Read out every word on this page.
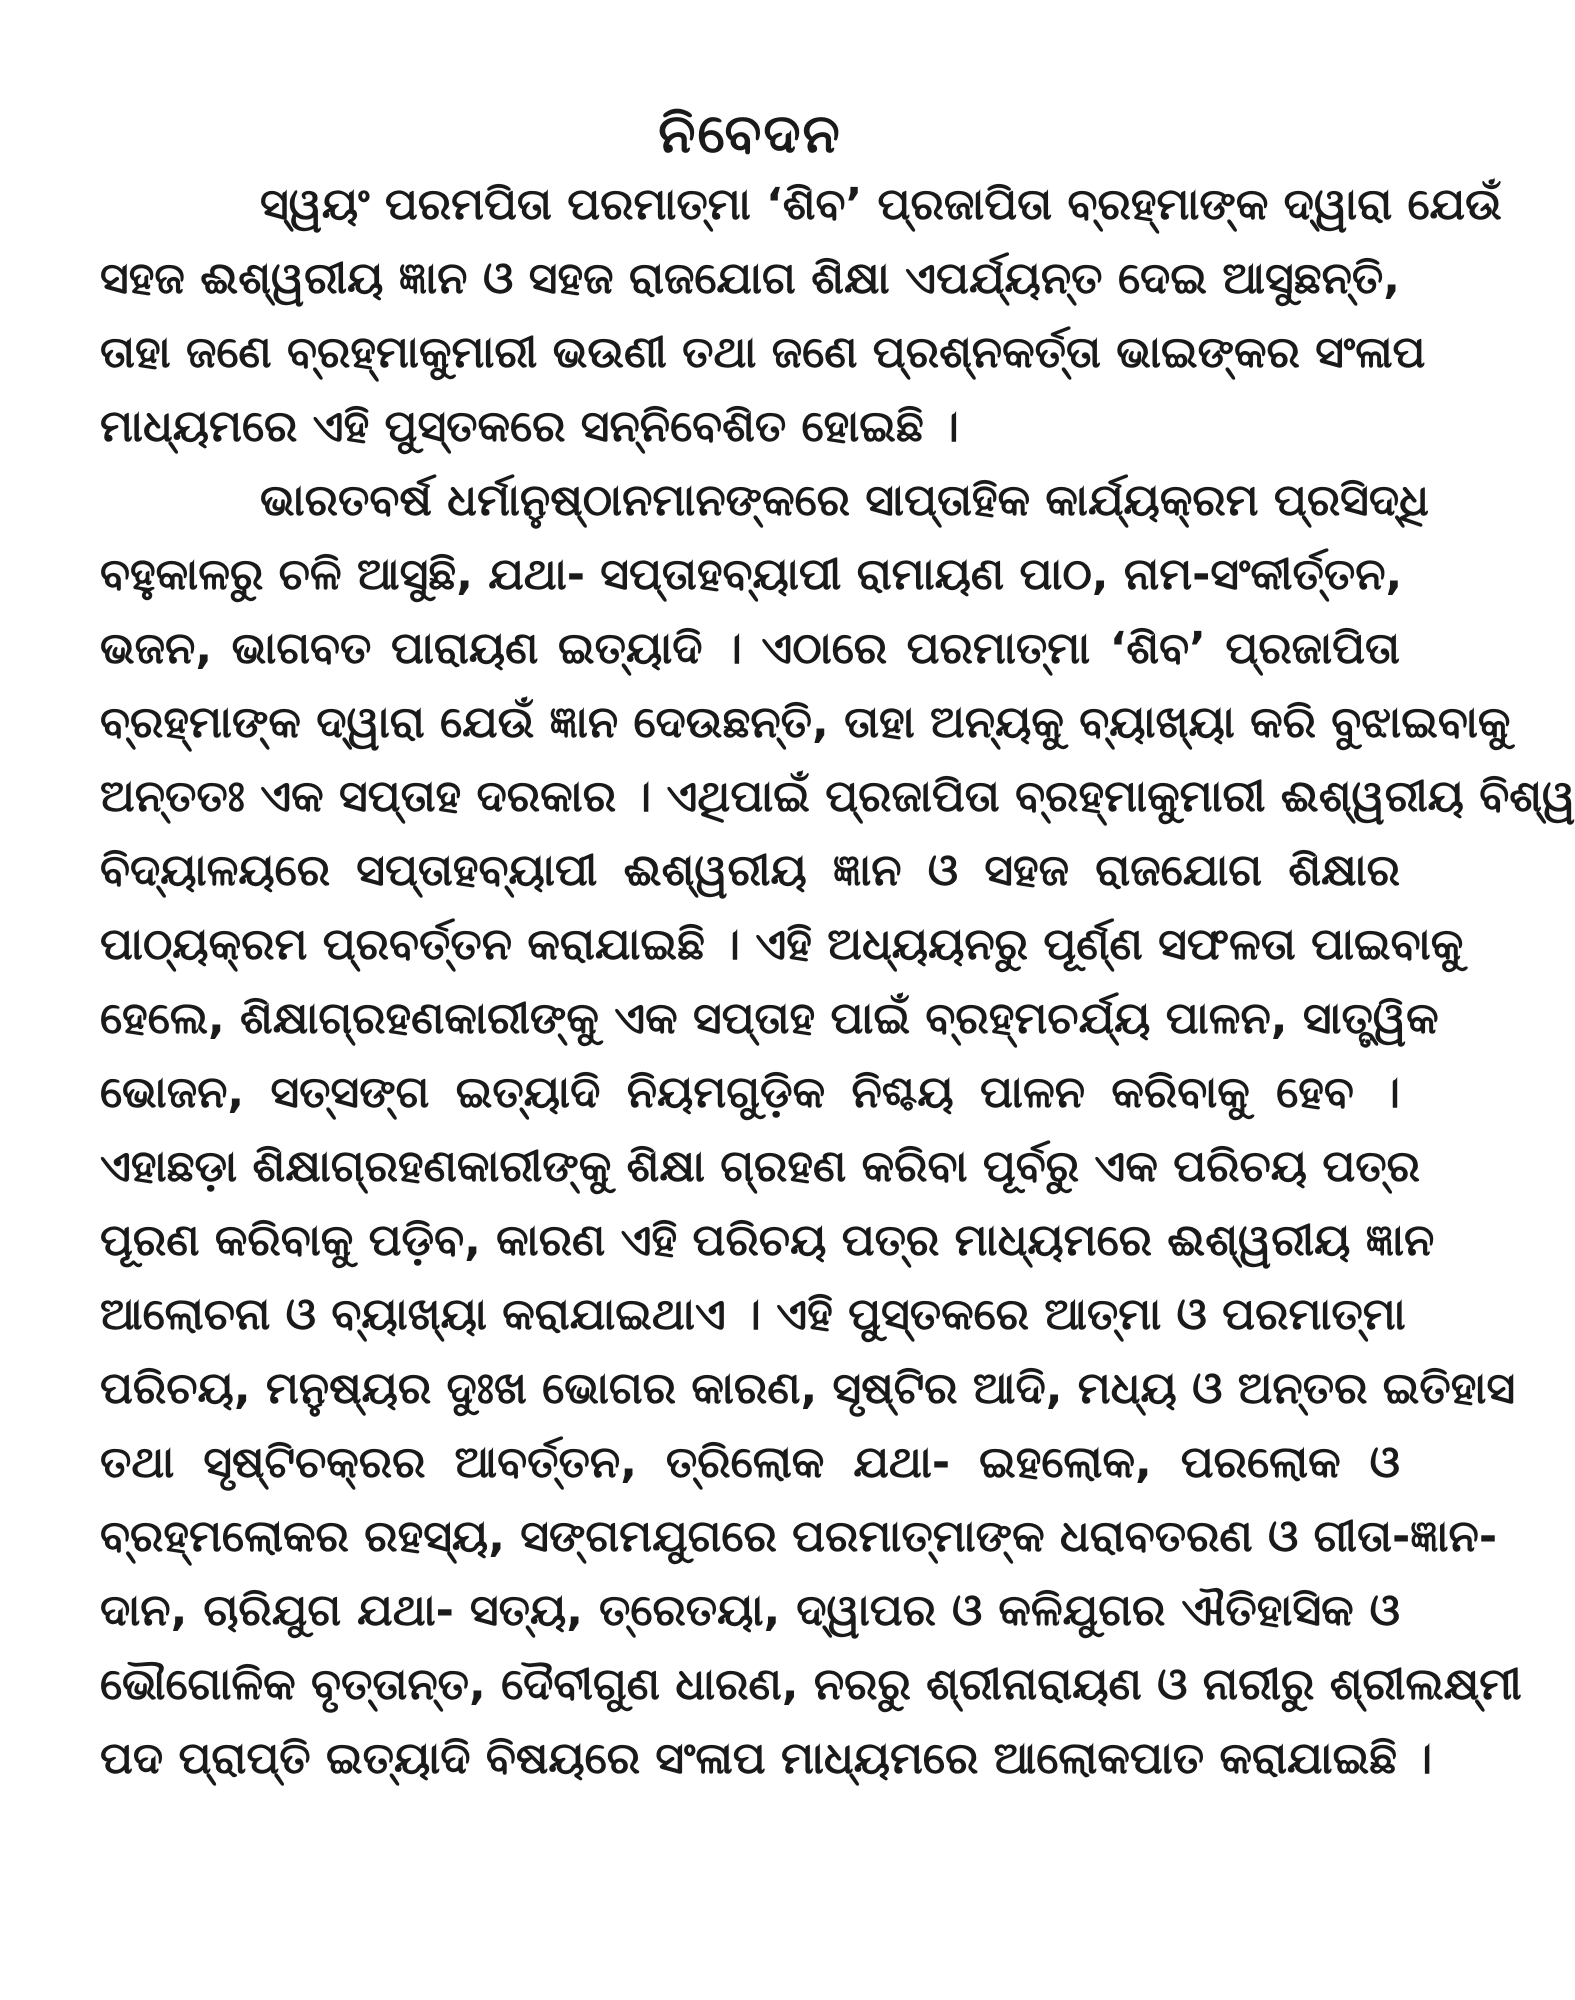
ନିବେଦନ
ସ୍ୱୟଂ ପରମପିତା ପରମାତ୍ମା ‘ଶିବ’ ପ୍ରଜାପିତା ବ୍ରହ୍ମାଙ୍କ ଦ୍ୱାରା ଯେଉଁ
ସହଜ ଈଶ୍ୱରୀୟ ଜ୍ଞାନ ଓ ସହଜ ରାଜଯୋଗ ଶିକ୍ଷା ଏପର୍ଯ୍ୟନ୍ତ ଦେଇ ଆସୁଛନ୍ତି,
ତାହା ଜଣେ ବ୍ରହ୍ମାକୁମାରୀ ଭଉଣୀ ତଥା ଜଣେ ପ୍ରଶ୍ନକର୍ତ୍ତା ଭାଇଙ୍କର ସଂଳାପ
ମାଧ୍ୟମରେ ଏହି ପୁସ୍ତକରେ ସନ୍ନିବେଶିତ ହୋଇଛି ।
ଭାରତବର୍ଷ ଧର୍ମାନୁଷ୍ଠାନମାନଙ୍କରେ ସାପ୍ତାହିକ କାର୍ଯ୍ୟକ୍ରମ ପ୍ରସିଦ୍ଧି
ବହୁକାଳରୁ ଚଳି ଆସୁଛି, ଯଥା- ସପ୍ତାହବ୍ୟାପୀ ରାମାୟଣ ପାଠ, ନାମ-ସଂକୀର୍ତ୍ତନ,
ଭଜନ, ଭାଗବତ ପାରାୟଣ ଇତ୍ୟାଦି । ଏଠାରେ ପରମାତ୍ମା ‘ଶିବ’ ପ୍ରଜାପିତା
ବ୍ରହ୍ମାଙ୍କ ଦ୍ୱାରା ଯେଉଁ ଜ୍ଞାନ ଦେଉଛନ୍ତି, ତାହା ଅନ୍ୟକୁ ବ୍ୟାଖ୍ୟା କରି ବୁଝାଇବାକୁ
ଅନ୍ତତଃ ଏକ ସପ୍ତାହ ଦରକାର । ଏଥିପାଇଁ ପ୍ରଜାପିତା ବ୍ରହ୍ମାକୁମାରୀ ଈଶ୍ୱରୀୟ ବିଶ୍ୱ
ବିଦ୍ୟାଳୟରେ ସପ୍ତାହବ୍ୟାପୀ ଈଶ୍ୱରୀୟ ଜ୍ଞାନ ଓ ସହଜ ରାଜଯୋଗ ଶିକ୍ଷାର
ପାଠ୍ୟକ୍ରମ ପ୍ରବର୍ତ୍ତନ କରାଯାଇଛି । ଏହି ଅଧ୍ୟୟନରୁ ପୂର୍ଣ୍ଣ ସଫଳତା ପାଇବାକୁ
ହେଲେ, ଶିକ୍ଷାଗ୍ରହଣକାରୀଙ୍କୁ ଏକ ସପ୍ତାହ ପାଇଁ ବ୍ରହ୍ମଚର୍ଯ୍ୟ ପାଳନ, ସାତ୍ତ୍ୱିକ
ଭୋଜନ, ସତ୍‌ସଙ୍ଗ ଇତ୍ୟାଦି ନିୟମଗୁଡ଼ିକ ନିଶ୍ଚୟ ପାଳନ କରିବାକୁ ହେବ ।
ଏହାଛଡ଼ା ଶିକ୍ଷାଗ୍ରହଣକାରୀଙ୍କୁ ଶିକ୍ଷା ଗ୍ରହଣ କରିବା ପୂର୍ବରୁ ଏକ ପରିଚୟ ପତ୍ର
ପୂରଣ କରିବାକୁ ପଡ଼ିବ, କାରଣ ଏହି ପରିଚୟ ପତ୍ର ମାଧ୍ୟମରେ ଈଶ୍ୱରୀୟ ଜ୍ଞାନ
ଆଲୋଚନା ଓ ବ୍ୟାଖ୍ୟା କରାଯାଇଥାଏ । ଏହି ପୁସ୍ତକରେ ଆତ୍ମା ଓ ପରମାତ୍ମା
ପରିଚୟ, ମନୁଷ୍ୟର ଦୁଃଖ ଭୋଗର କାରଣ, ସୃଷ୍ଟିର ଆଦି, ମଧ୍ୟ ଓ ଅନ୍ତର ଇତିହାସ
ତଥା ସୃଷ୍ଟିଚକ୍ରର ଆବର୍ତ୍ତନ, ତ୍ରିଲୋକ ଯଥା- ଇହଲୋକ, ପରଲୋକ ଓ
ବ୍ରହ୍ମଲୋକର ରହସ୍ୟ, ସଙ୍ଗମଯୁଗରେ ପରମାତ୍ମାଙ୍କ ଧରାବତରଣ ଓ ଗୀତା-ଜ୍ଞାନ-
ଦାନ, ଚାରିଯୁଗ ଯଥା- ସତ୍ୟ, ତ୍ରେତୟା, ଦ୍ୱାପର ଓ କଳିଯୁଗର ଐତିହାସିକ ଓ
ଭୌଗୋଳିକ ବୃତ୍ତାନ୍ତ, ଦୈବୀଗୁଣ ଧାରଣ, ନରରୁ ଶ୍ରୀନାରାୟଣ ଓ ନାରୀରୁ ଶ୍ରୀଲକ୍ଷ୍ମୀ
ପଦ ପ୍ରାପ୍ତି ଇତ୍ୟାଦି ବିଷୟରେ ସଂଳାପ ମାଧ୍ୟମରେ ଆଲୋକପାତ କରାଯାଇଛି ।
